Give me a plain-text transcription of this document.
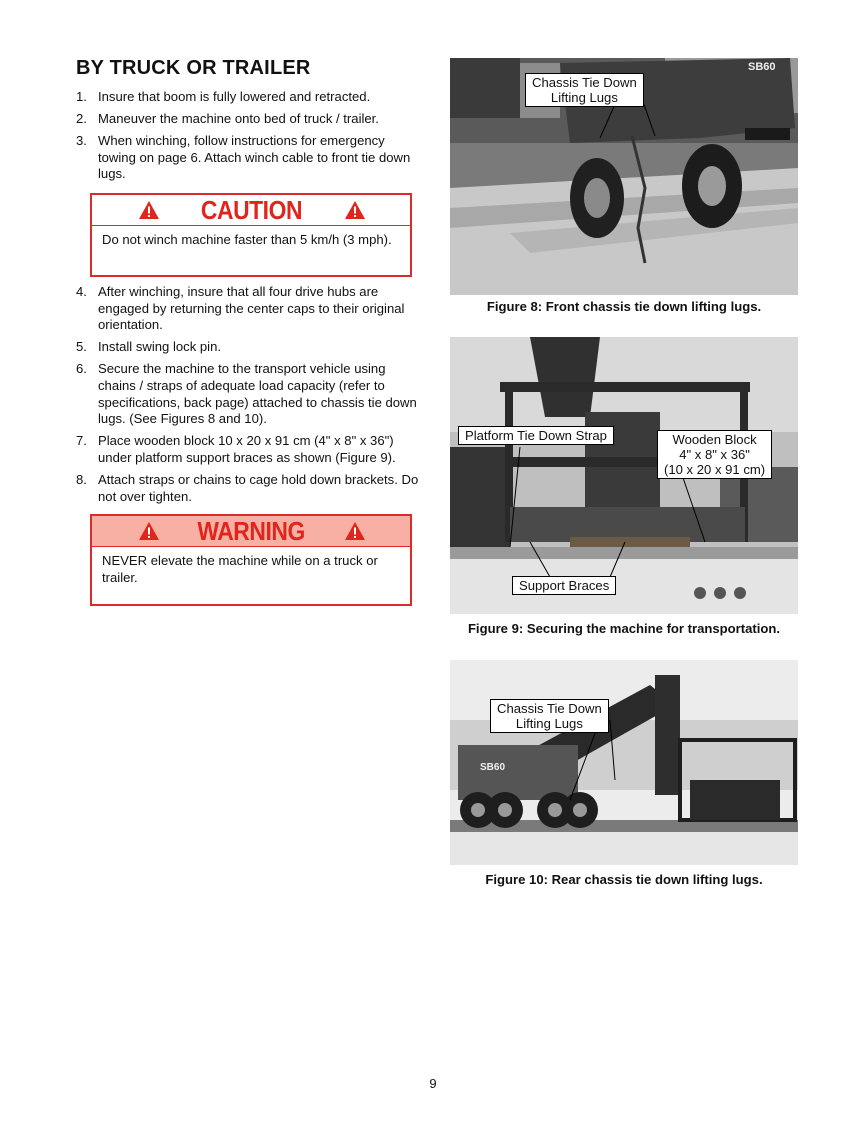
BY TRUCK OR TRAILER
1. Insure that boom is fully lowered and retracted.
2. Maneuver the machine onto bed of truck / trailer.
3. When winching, follow instructions for emergency towing on page 6. Attach winch cable to front tie down lugs.
CAUTION
Do not winch machine faster than 5 km/h (3 mph).
4. After winching, insure that all four drive hubs are engaged by returning the center caps to their original orientation.
5. Install swing lock pin.
6. Secure the machine to the transport vehicle using chains / straps of adequate load capacity (refer to specifications, back page) attached to chassis tie down lugs. (See Figures 8 and 10).
7. Place wooden block 10 x 20 x 91 cm (4" x 8" x 36") under platform support braces as shown (Figure 9).
8. Attach straps or chains to cage hold down brackets. Do not over tighten.
WARNING
NEVER elevate the machine while on a truck or trailer.
SB60
Chassis Tie Down
Lifting Lugs
Figure 8: Front chassis tie down lifting lugs.
Platform Tie Down Strap	Wooden Block
4" x 8" x 36"
(10 x 20 x 91 cm)
Support Braces
Figure 9: Securing the machine for transportation.
SB60
Chassis Tie Down
Lifting Lugs
Figure 10: Rear chassis tie down lifting lugs.
9
